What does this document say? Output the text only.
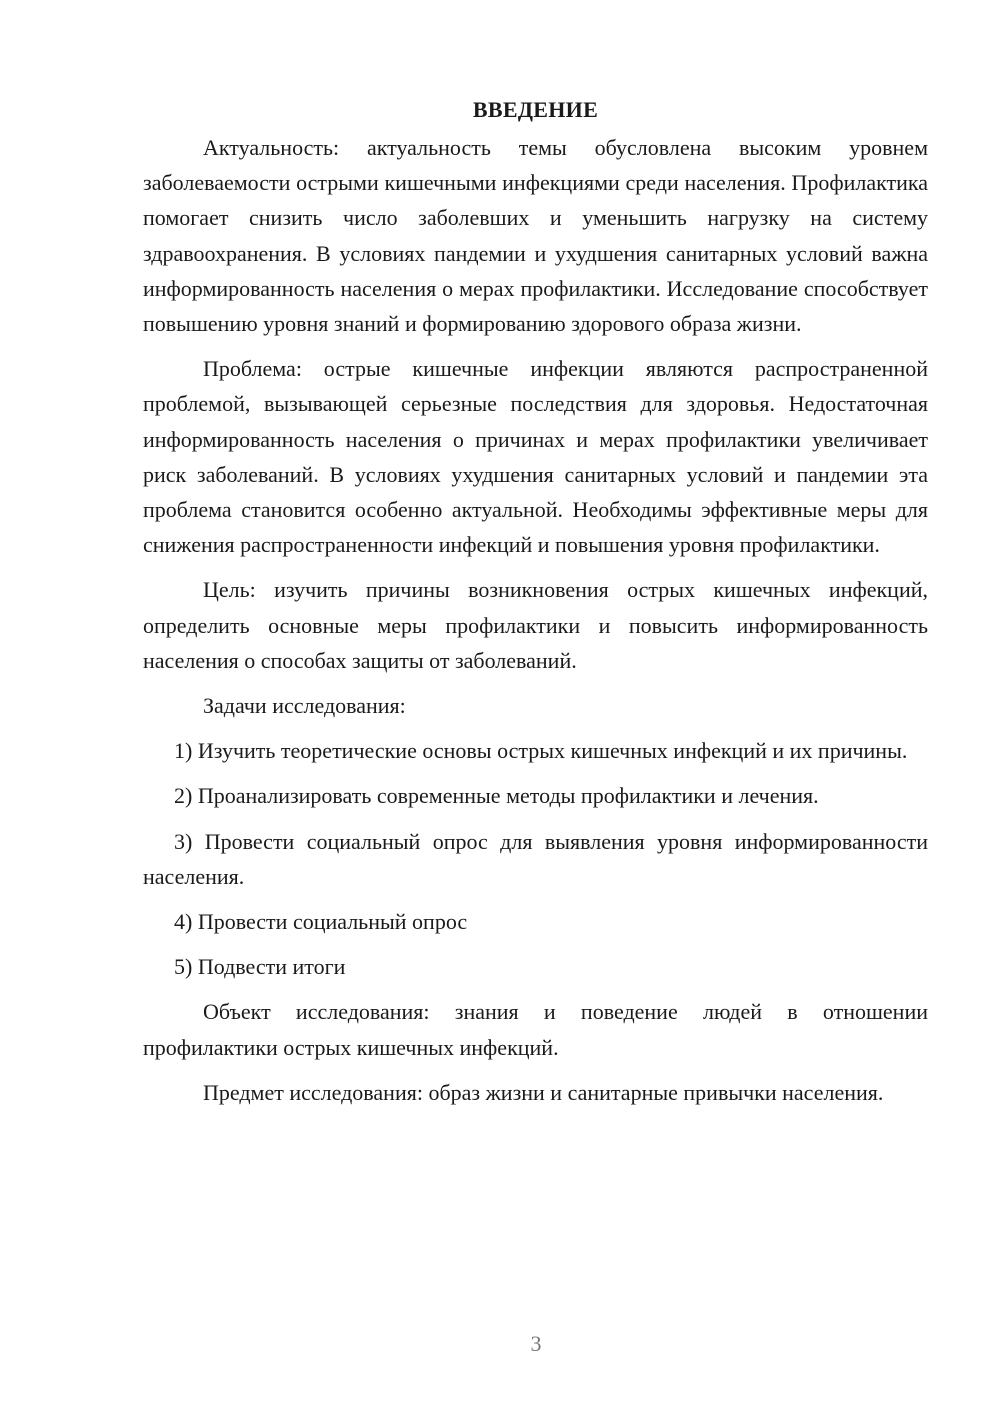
ВВЕДЕНИЕ

Актуальность: актуальность темы обусловлена высоким уровнем заболеваемости острыми кишечными инфекциями среди населения. Профилактика помогает снизить число заболевших и уменьшить нагрузку на систему здравоохранения. В условиях пандемии и ухудшения санитарных условий важна информированность населения о мерах профилактики. Исследование способствует повышению уровня знаний и формированию здорового образа жизни.

Проблема: острые кишечные инфекции являются распространенной проблемой, вызывающей серьезные последствия для здоровья. Недостаточная информированность населения о причинах и мерах профилактики увеличивает риск заболеваний. В условиях ухудшения санитарных условий и пандемии эта проблема становится особенно актуальной. Необходимы эффективные меры для снижения распространенности инфекций и повышения уровня профилактики.

Цель: изучить причины возникновения острых кишечных инфекций, определить основные меры профилактики и повысить информированность населения о способах защиты от заболеваний.

Задачи исследования:

1) Изучить теоретические основы острых кишечных инфекций и их причины.

2) Проанализировать современные методы профилактики и лечения.

3) Провести социальный опрос для выявления уровня информированности населения.

4) Провести социальный опрос

5) Подвести итоги

Объект исследования: знания и поведение людей в отношении профилактики острых кишечных инфекций.

Предмет исследования: образ жизни и санитарные привычки населения.

3
